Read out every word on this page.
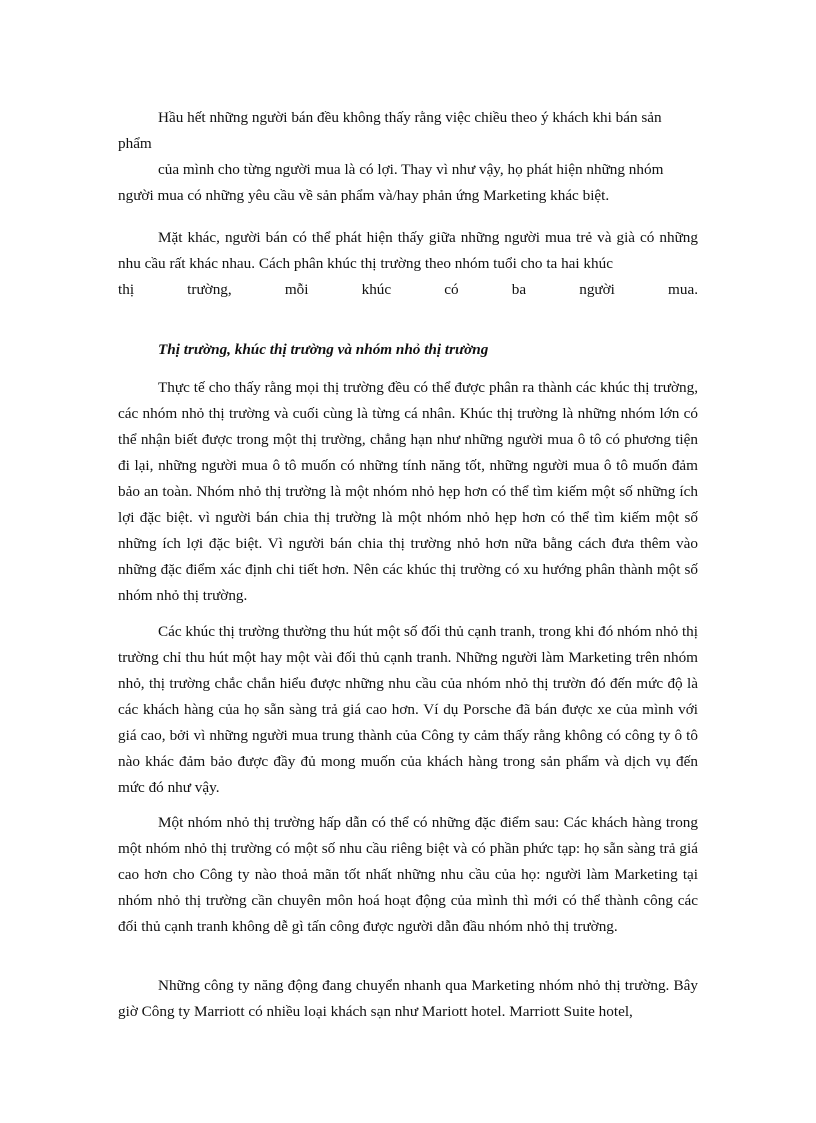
Hầu hết những người bán đều không thấy rằng việc chiều theo ý khách khi bán sản

phẩm

của mình cho từng người mua là có lợi. Thay vì như vậy, họ phát hiện những nhóm

người mua có những yêu cầu về sản phẩm và/hay phản ứng Marketing khác biệt.

Mặt khác, người bán có thể phát hiện thấy giữa những người mua trẻ và già có những nhu cầu rất khác nhau. Cách phân khúc thị trường theo nhóm tuổi cho ta hai khúc

thị trường, mỗi khúc có ba người mua.

Thị trường, khúc thị trường và nhóm nhỏ thị trường

Thực tế cho thấy rằng mọi thị trường đều có thể được phân ra thành các khúc thị trường, các nhóm nhỏ thị trường và cuối cùng là từng cá nhân. Khúc thị trường là những nhóm lớn có thể nhận biết được trong một thị trường, chẳng hạn như những người mua ô tô có phương tiện đi lại, những người mua ô tô muốn có những tính năng tốt, những người mua ô tô muốn đảm bảo an toàn. Nhóm nhỏ thị trường là một nhóm nhỏ hẹp hơn có thể tìm kiếm một số những ích lợi đặc biệt. vì người bán chia thị trường là một nhóm nhỏ hẹp hơn có thể tìm kiếm một số những ích lợi đặc biệt. Vì người bán chia thị trường nhỏ hơn nữa bằng cách đưa thêm vào những đặc điểm xác định chi tiết hơn. Nên các khúc thị trường có xu hướng phân thành một số nhóm nhỏ thị trường.

Các khúc thị trường thường thu hút một số đối thủ cạnh tranh, trong khi đó nhóm nhỏ thị trường chỉ thu hút một hay một vài đối thủ cạnh tranh. Những người làm Marketing trên nhóm nhỏ, thị trường chắc chắn hiểu được những nhu cầu của nhóm nhỏ thị trườn đó đến mức độ là các khách hàng của họ sẵn sàng trả giá cao hơn. Ví dụ Porsche đã bán được xe của mình với giá cao, bởi vì những người mua trung thành của Công ty cảm thấy rằng không có công ty ô tô nào khác đảm bảo được đầy đủ mong muốn của khách hàng trong sản phẩm và dịch vụ đến mức đó như vậy.

Một nhóm nhỏ thị trường hấp dẫn có thể có những đặc điểm sau: Các khách hàng trong một nhóm nhỏ thị trường có một số nhu cầu riêng biệt và có phần phức tạp: họ sẵn sàng trả giá cao hơn cho Công ty nào thoả mãn tốt nhất những nhu cầu của họ: người làm Marketing tại nhóm nhỏ thị trường cần chuyên môn hoá hoạt động của mình thì mới có thể thành công các đối thủ cạnh tranh không dễ gì tấn công được người dẫn đầu nhóm nhỏ thị trường.

Những công ty năng động đang chuyển nhanh qua Marketing nhóm nhỏ thị trường. Bây giờ Công ty Marriott có nhiều loại khách sạn như Mariott hotel. Marriott Suite hotel,
